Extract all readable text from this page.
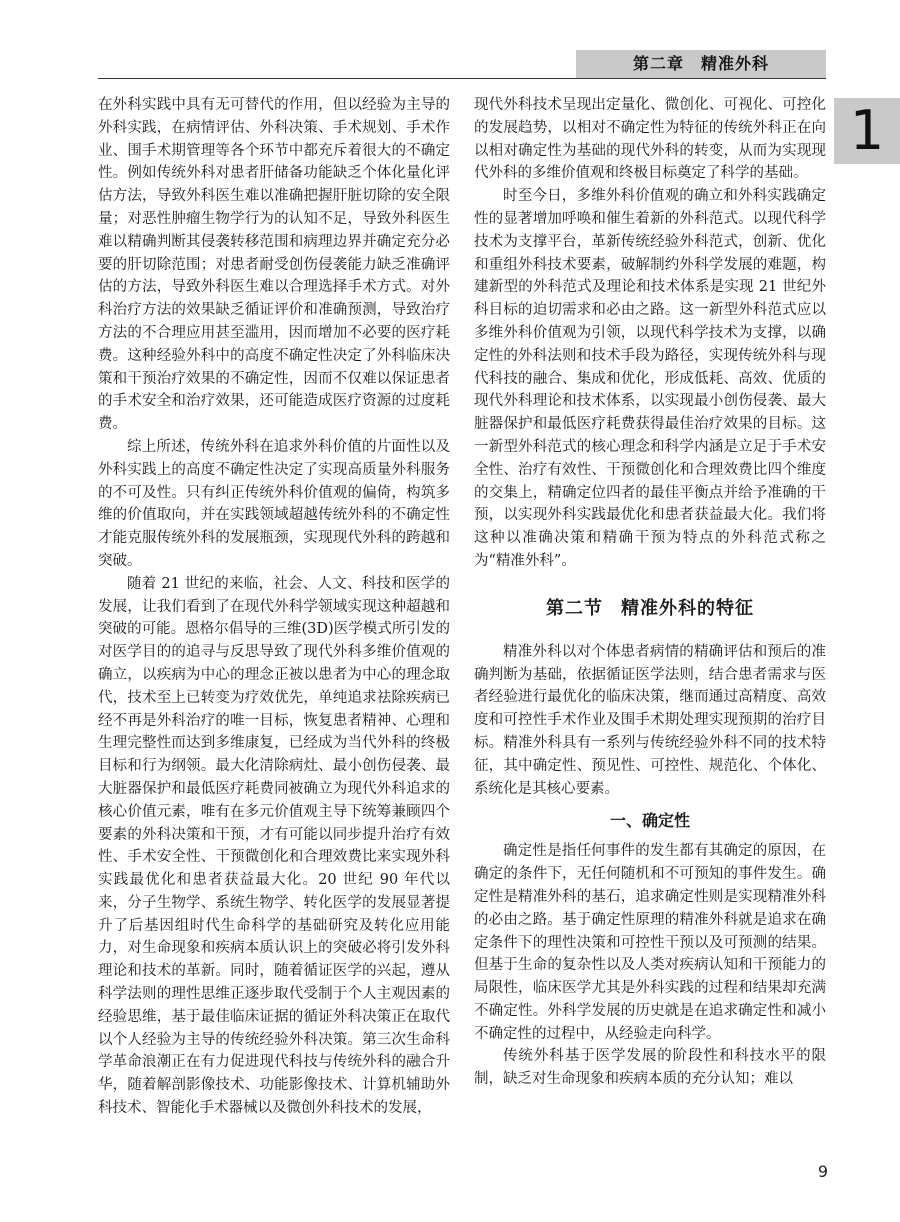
第二章　精准外科
1

在外科实践中具有无可替代的作用，但以经验为主导的外科实践，在病情评估、外科决策、手术规划、手术作业、围手术期管理等各个环节中都充斥着很大的不确定性。例如传统外科对患者肝储备功能缺乏个体化量化评估方法，导致外科医生难以准确把握肝脏切除的安全限量；对恶性肿瘤生物学行为的认知不足，导致外科医生难以精确判断其侵袭转移范围和病理边界并确定充分必要的肝切除范围；对患者耐受创伤侵袭能力缺乏准确评估的方法，导致外科医生难以合理选择手术方式。对外科治疗方法的效果缺乏循证评价和准确预测，导致治疗方法的不合理应用甚至滥用，因而增加不必要的医疗耗费。这种经验外科中的高度不确定性决定了外科临床决策和干预治疗效果的不确定性，因而不仅难以保证患者的手术安全和治疗效果，还可能造成医疗资源的过度耗费。

综上所述，传统外科在追求外科价值的片面性以及外科实践上的高度不确定性决定了实现高质量外科服务的不可及性。只有纠正传统外科价值观的偏倚，构筑多维的价值取向，并在实践领域超越传统外科的不确定性才能克服传统外科的发展瓶颈，实现现代外科的跨越和突破。

随着 21 世纪的来临，社会、人文、科技和医学的发展，让我们看到了在现代外科学领域实现这种超越和突破的可能。恩格尔倡导的三维(3D)医学模式所引发的对医学目的的追寻与反思导致了现代外科多维价值观的确立，以疾病为中心的理念正被以患者为中心的理念取代，技术至上已转变为疗效优先，单纯追求祛除疾病已经不再是外科治疗的唯一目标，恢复患者精神、心理和生理完整性而达到多维康复，已经成为当代外科的终极目标和行为纲领。最大化清除病灶、最小创伤侵袭、最大脏器保护和最低医疗耗费同被确立为现代外科追求的核心价值元素，唯有在多元价值观主导下统筹兼顾四个要素的外科决策和干预，才有可能以同步提升治疗有效性、手术安全性、干预微创化和合理效费比来实现外科实践最优化和患者获益最大化。20 世纪 90 年代以来，分子生物学、系统生物学、转化医学的发展显著提升了后基因组时代生命科学的基础研究及转化应用能力，对生命现象和疾病本质认识上的突破必将引发外科理论和技术的革新。同时，随着循证医学的兴起，遵从科学法则的理性思维正逐步取代受制于个人主观因素的经验思维，基于最佳临床证据的循证外科决策正在取代以个人经验为主导的传统经验外科决策。第三次生命科学革命浪潮正在有力促进现代科技与传统外科的融合升华，随着解剖影像技术、功能影像技术、计算机辅助外科技术、智能化手术器械以及微创外科技术的发展，

现代外科技术呈现出定量化、微创化、可视化、可控化的发展趋势，以相对不确定性为特征的传统外科正在向以相对确定性为基础的现代外科的转变，从而为实现现代外科的多维价值观和终极目标奠定了科学的基础。

时至今日，多维外科价值观的确立和外科实践确定性的显著增加呼唤和催生着新的外科范式。以现代科学技术为支撑平台，革新传统经验外科范式，创新、优化和重组外科技术要素，破解制约外科学发展的难题，构建新型的外科范式及理论和技术体系是实现 21 世纪外科目标的迫切需求和必由之路。这一新型外科范式应以多维外科价值观为引领，以现代科学技术为支撑，以确定性的外科法则和技术手段为路径，实现传统外科与现代科技的融合、集成和优化，形成低耗、高效、优质的现代外科理论和技术体系，以实现最小创伤侵袭、最大脏器保护和最低医疗耗费获得最佳治疗效果的目标。这一新型外科范式的核心理念和科学内涵是立足于手术安全性、治疗有效性、干预微创化和合理效费比四个维度的交集上，精确定位四者的最佳平衡点并给予准确的干预，以实现外科实践最优化和患者获益最大化。我们将这种以准确决策和精确干预为特点的外科范式称之为“精准外科”。

第二节 精准外科的特征

精准外科以对个体患者病情的精确评估和预后的准确判断为基础，依据循证医学法则，结合患者需求与医者经验进行最优化的临床决策，继而通过高精度、高效度和可控性手术作业及围手术期处理实现预期的治疗目标。精准外科具有一系列与传统经验外科不同的技术特征，其中确定性、预见性、可控性、规范化、个体化、系统化是其核心要素。

一、确定性

确定性是指任何事件的发生都有其确定的原因，在确定的条件下，无任何随机和不可预知的事件发生。确定性是精准外科的基石，追求确定性则是实现精准外科的必由之路。基于确定性原理的精准外科就是追求在确定条件下的理性决策和可控性干预以及可预测的结果。但基于生命的复杂性以及人类对疾病认知和干预能力的局限性，临床医学尤其是外科实践的过程和结果却充满不确定性。外科学发展的历史就是在追求确定性和减小不确定性的过程中，从经验走向科学。

传统外科基于医学发展的阶段性和科技水平的限制，缺乏对生命现象和疾病本质的充分认知；难以

9
